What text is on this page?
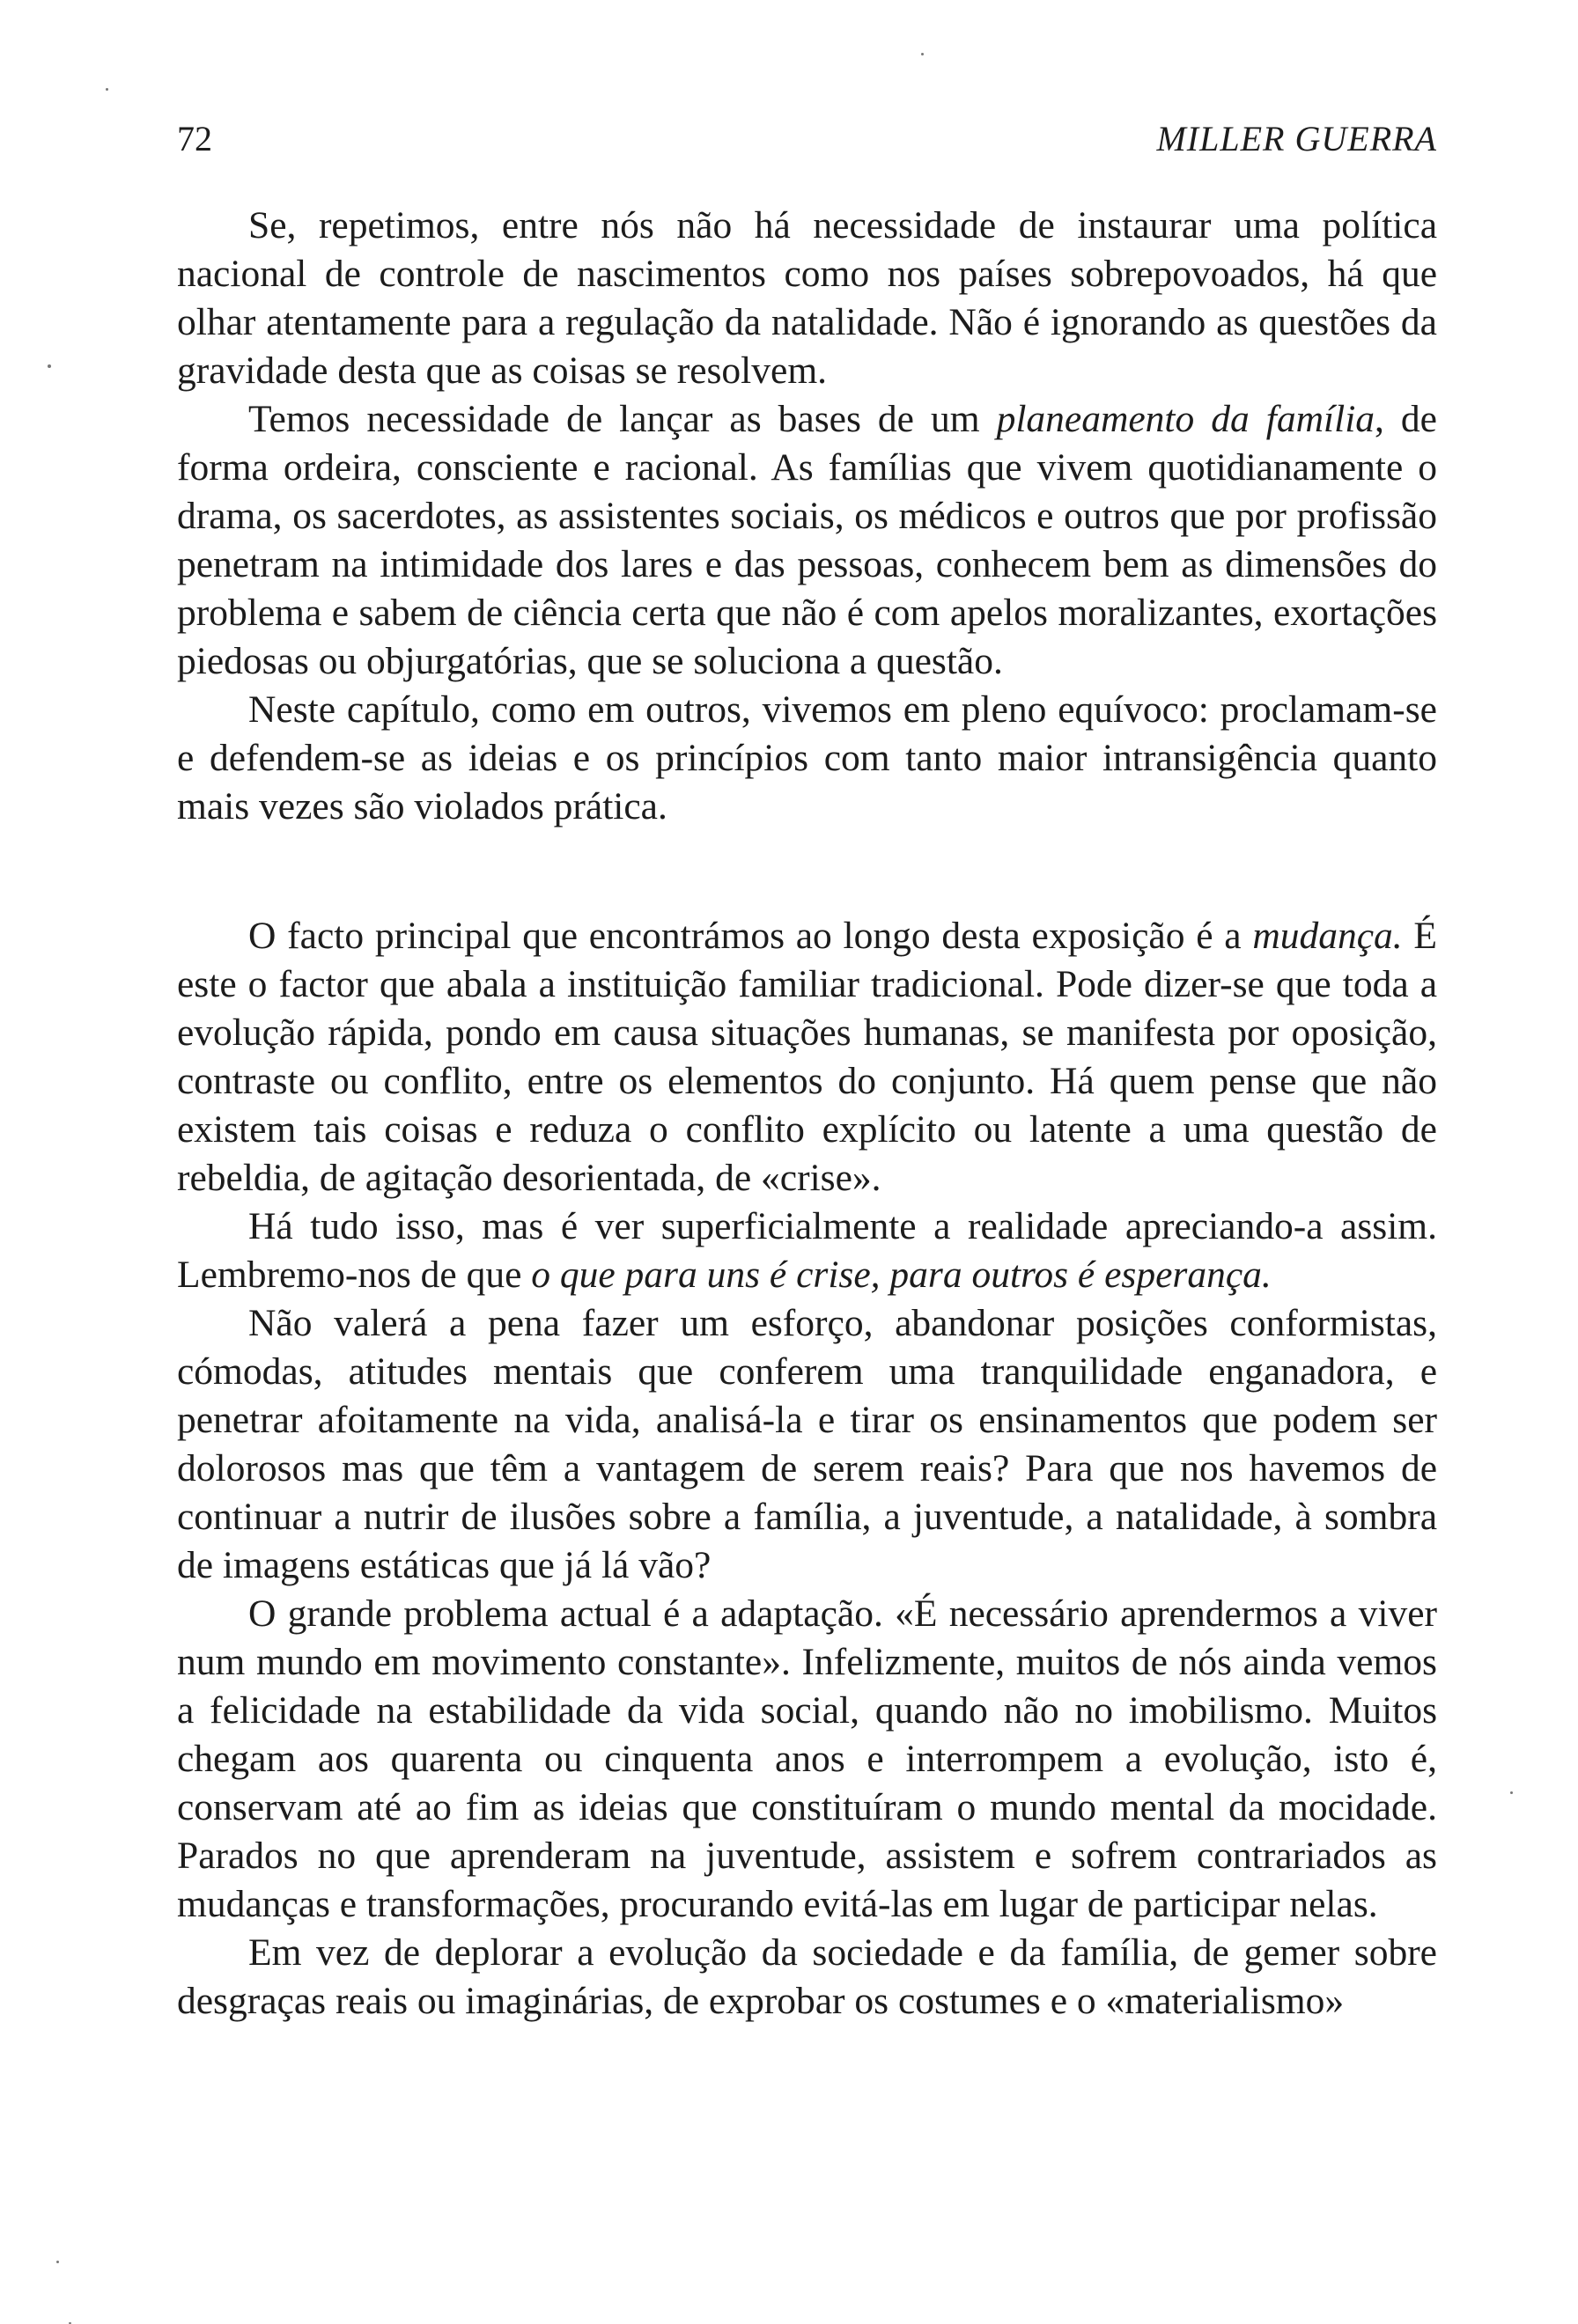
72	MILLER GUERRA

Se, repetimos, entre nós não há necessidade de instaurar uma política nacional de controle de nascimentos como nos países sobrepovoados, há que olhar atentamente para a regulação da natalidade. Não é ignorando as questões da gravidade desta que as coisas se resolvem.

Temos necessidade de lançar as bases de um planeamento da família, de forma ordeira, consciente e racional. As famílias que vivem quotidianamente o drama, os sacerdotes, as assistentes sociais, os médicos e outros que por profissão penetram na intimidade dos lares e das pessoas, conhecem bem as dimensões do problema e sabem de ciência certa que não é com apelos moralizantes, exortações piedosas ou objurgatórias, que se soluciona a questão.

Neste capítulo, como em outros, vivemos em pleno equívoco: proclamam-se e defendem-se as ideias e os princípios com tanto maior intransigência quanto mais vezes são violados prática.

O facto principal que encontrámos ao longo desta exposição é a mudança. É este o factor que abala a instituição familiar tradicional. Pode dizer-se que toda a evolução rápida, pondo em causa situações humanas, se manifesta por oposição, contraste ou conflito, entre os elementos do conjunto. Há quem pense que não existem tais coisas e reduza o conflito explícito ou latente a uma questão de rebeldia, de agitação desorientada, de «crise».

Há tudo isso, mas é ver superficialmente a realidade apreciando-a assim. Lembremo-nos de que o que para uns é crise, para outros é esperança.

Não valerá a pena fazer um esforço, abandonar posições conformistas, cómodas, atitudes mentais que conferem uma tranquilidade enganadora, e penetrar afoitamente na vida, analisá-la e tirar os ensinamentos que podem ser dolorosos mas que têm a vantagem de serem reais? Para que nos havemos de continuar a nutrir de ilusões sobre a família, a juventude, a natalidade, à sombra de imagens estáticas que já lá vão?

O grande problema actual é a adaptação. «É necessário aprendermos a viver num mundo em movimento constante». Infelizmente, muitos de nós ainda vemos a felicidade na estabilidade da vida social, quando não no imobilismo. Muitos chegam aos quarenta ou cinquenta anos e interrompem a evolução, isto é, conservam até ao fim as ideias que constituíram o mundo mental da mocidade. Parados no que aprenderam na juventude, assistem e sofrem contrariados as mudanças e transformações, procurando evitá-las em lugar de participar nelas.

Em vez de deplorar a evolução da sociedade e da família, de gemer sobre desgraças reais ou imaginárias, de exprobar os costumes e o «materialismo»
